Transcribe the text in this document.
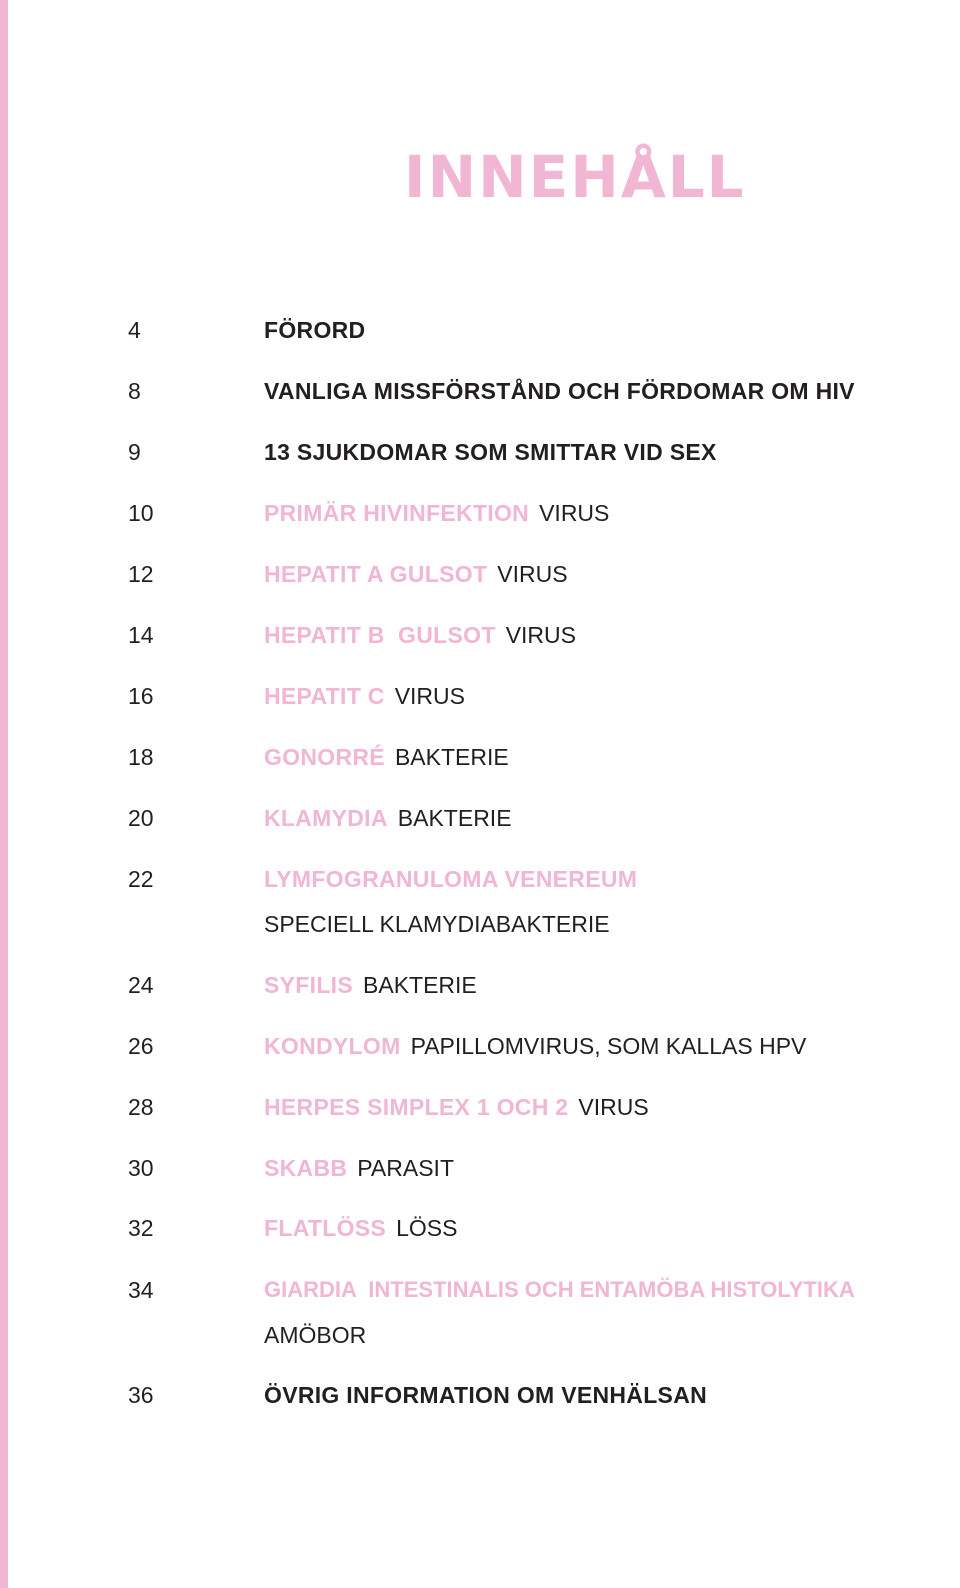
INNEHÅLL
4	FÖRORD
8	VANLIGA MISSFÖRSTÅND OCH FÖRDOMAR OM HIV
9	13 SJUKDOMAR SOM SMITTAR VID SEX
10	PRIMÄR HIVINFEKTION VIRUS
12	HEPATIT A GULSOT VIRUS
14	HEPATIT B  GULSOT VIRUS
16	HEPATIT C VIRUS
18	GONORRÉ BAKTERIE
20	KLAMYDIA BAKTERIE
22	LYMFOGRANULOMA VENEREUM
SPECIELL KLAMYDIABAKTERIE
24	SYFILIS BAKTERIE
26	KONDYLOM PAPILLOMVIRUS, SOM KALLAS HPV
28	HERPES SIMPLEX 1 OCH 2 VIRUS
30	SKABB PARASIT
32	FLATLÖSS LÖSS
34	GIARDIA  INTESTINALIS OCH ENTAMÖBA HISTOLYTIKA
AMÖBOR
36	ÖVRIG INFORMATION OM VENHÄLSAN
